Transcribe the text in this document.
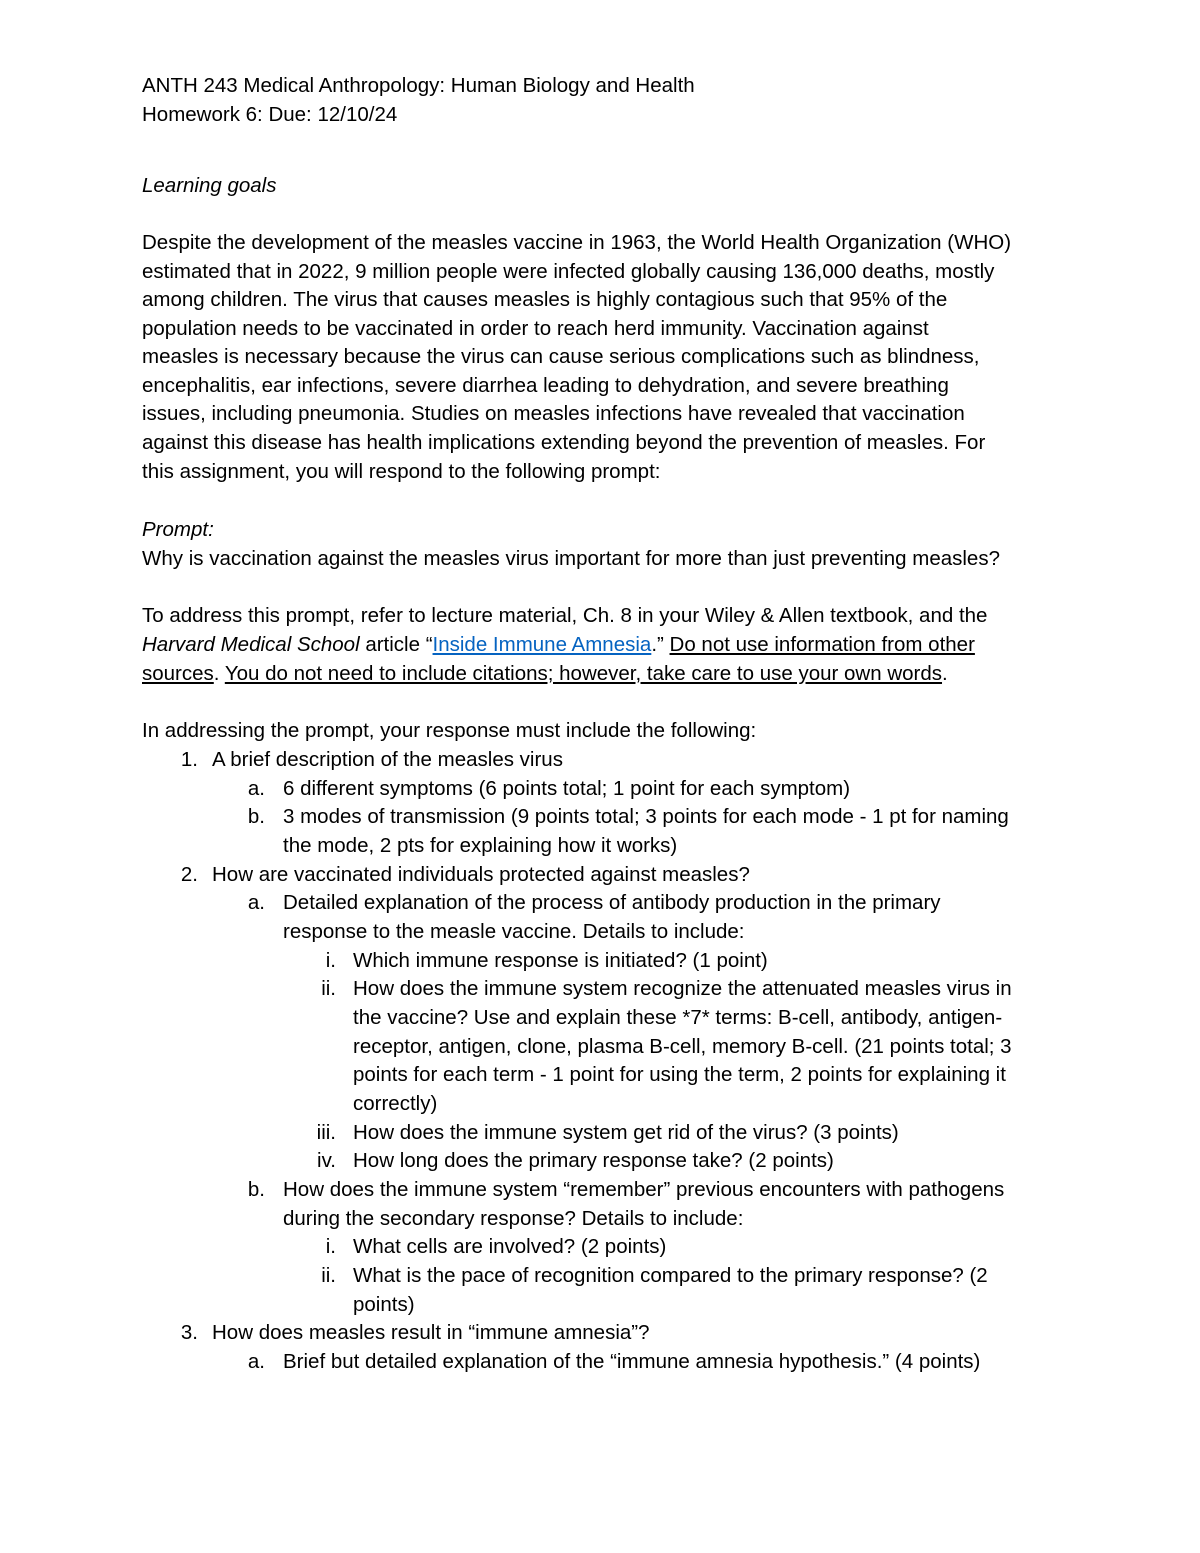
ANTH 243 Medical Anthropology: Human Biology and Health
Homework 6: Due: 12/10/24
Learning goals
Despite the development of the measles vaccine in 1963, the World Health Organization (WHO)
estimated that in 2022, 9 million people were infected globally causing 136,000 deaths, mostly
among children. The virus that causes measles is highly contagious such that 95% of the
population needs to be vaccinated in order to reach herd immunity. Vaccination against
measles is necessary because the virus can cause serious complications such as blindness,
encephalitis, ear infections, severe diarrhea leading to dehydration, and severe breathing
issues, including pneumonia. Studies on measles infections have revealed that vaccination
against this disease has health implications extending beyond the prevention of measles. For
this assignment, you will respond to the following prompt:
Prompt:
Why is vaccination against the measles virus important for more than just preventing measles?
To address this prompt, refer to lecture material, Ch. 8 in your Wiley & Allen textbook, and the
Harvard Medical School article “Inside Immune Amnesia.” Do not use information from other
sources. You do not need to include citations; however, take care to use your own words.
In addressing the prompt, your response must include the following:
1. A brief description of the measles virus
a. 6 different symptoms (6 points total; 1 point for each symptom)
b. 3 modes of transmission (9 points total; 3 points for each mode - 1 pt for naming
the mode, 2 pts for explaining how it works)
2. How are vaccinated individuals protected against measles?
a. Detailed explanation of the process of antibody production in the primary
response to the measle vaccine. Details to include:
i. Which immune response is initiated? (1 point)
ii. How does the immune system recognize the attenuated measles virus in
the vaccine? Use and explain these *7* terms: B-cell, antibody, antigen-
receptor, antigen, clone, plasma B-cell, memory B-cell. (21 points total; 3
points for each term - 1 point for using the term, 2 points for explaining it
correctly)
iii. How does the immune system get rid of the virus? (3 points)
iv. How long does the primary response take? (2 points)
b. How does the immune system “remember” previous encounters with pathogens
during the secondary response? Details to include:
i. What cells are involved? (2 points)
ii. What is the pace of recognition compared to the primary response? (2
points)
3. How does measles result in “immune amnesia”?
a. Brief but detailed explanation of the “immune amnesia hypothesis.” (4 points)
